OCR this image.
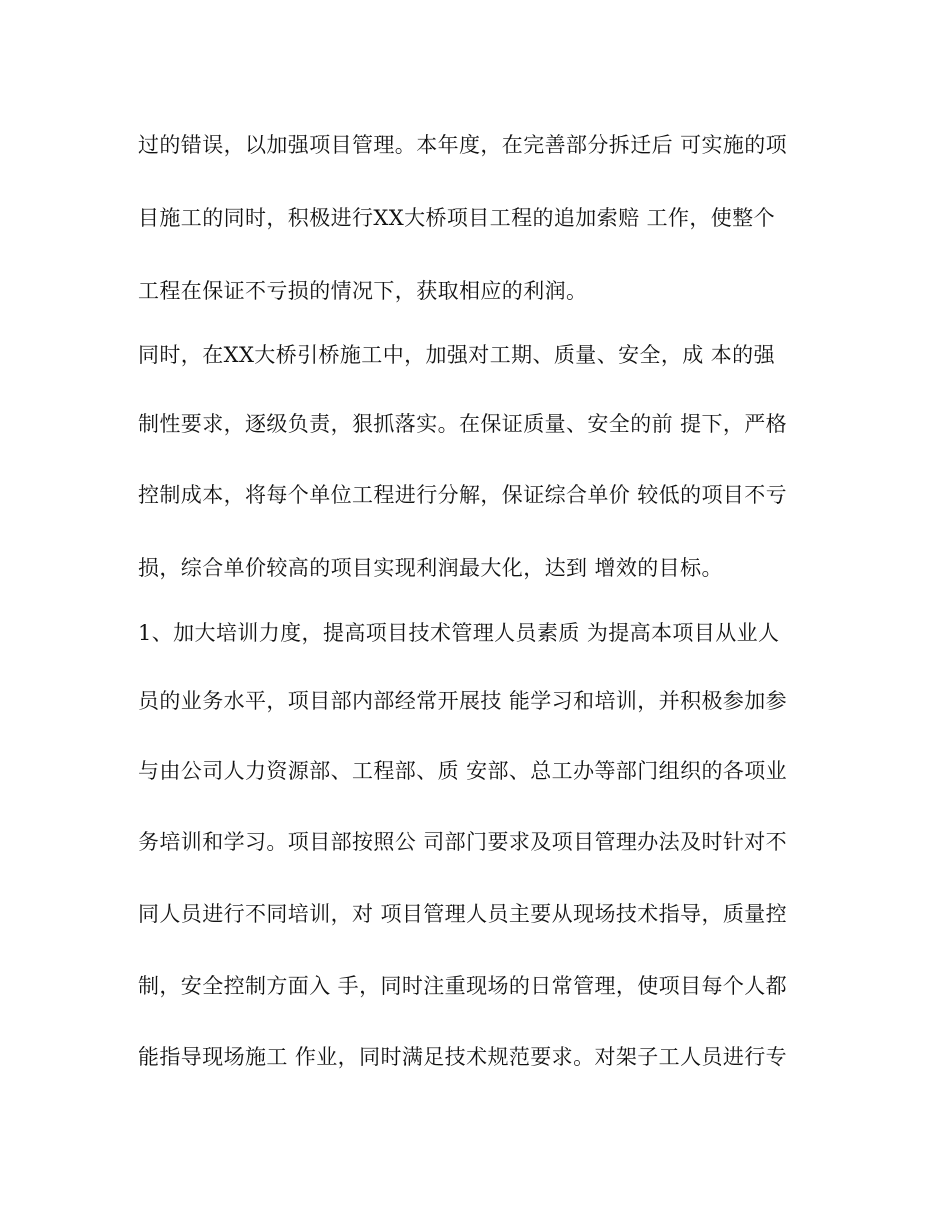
过的错误，以加强项目管理。本年度，在完善部分拆迁后 可实施的项
目施工的同时，积极进行XX大桥项目工程的追加索赔 工作，使整个
工程在保证不亏损的情况下，获取相应的利润。
同时，在XX大桥引桥施工中，加强对工期、质量、安全，成 本的强
制性要求，逐级负责，狠抓落实。在保证质量、安全的前 提下，严格
控制成本，将每个单位工程进行分解，保证综合单价 较低的项目不亏
损，综合单价较高的项目实现利润最大化，达到 增效的目标。
1、加大培训力度，提高项目技术管理人员素质 为提高本项目从业人
员的业务水平，项目部内部经常开展技 能学习和培训，并积极参加参
与由公司人力资源部、工程部、质 安部、总工办等部门组织的各项业
务培训和学习。项目部按照公 司部门要求及项目管理办法及时针对不
同人员进行不同培训，对 项目管理人员主要从现场技术指导，质量控
制，安全控制方面入 手，同时注重现场的日常管理，使项目每个人都
能指导现场施工 作业，同时满足技术规范要求。对架子工人员进行专
